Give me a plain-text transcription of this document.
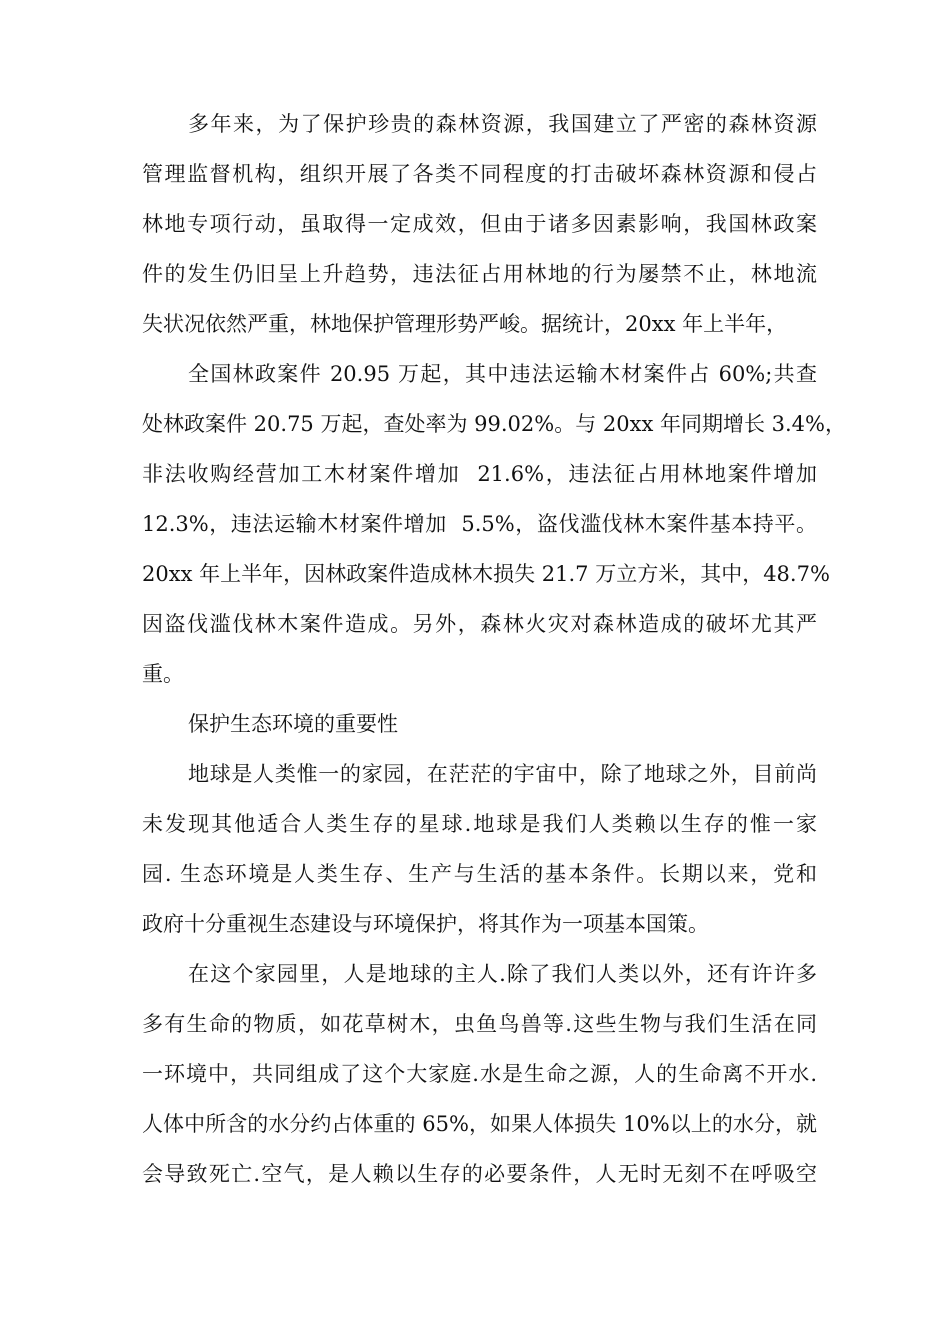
多年来，为了保护珍贵的森林资源，我国建立了严密的森林资源
管理监督机构，组织开展了各类不同程度的打击破坏森林资源和侵占
林地专项行动，虽取得一定成效，但由于诸多因素影响，我国林政案
件的发生仍旧呈上升趋势，违法征占用林地的行为屡禁不止，林地流
失状况依然严重，林地保护管理形势严峻。据统计，20xx 年上半年，
全国林政案件 20.95 万起，其中违法运输木材案件占 60%;共查
处林政案件 20.75 万起，查处率为 99.02%。与 20xx 年同期增长 3.4%，
非法收购经营加工木材案件增加  21.6%，违法征占用林地案件增加
12.3%，违法运输木材案件增加  5.5%，盗伐滥伐林木案件基本持平。
20xx 年上半年，因林政案件造成林木损失 21.7 万立方米，其中，48.7%
因盗伐滥伐林木案件造成。另外，森林火灾对森林造成的破坏尤其严
重。
保护生态环境的重要性
地球是人类惟一的家园，在茫茫的宇宙中，除了地球之外，目前尚
未发现其他适合人类生存的星球.地球是我们人类赖以生存的惟一家
园. 生态环境是人类生存、生产与生活的基本条件。长期以来，党和
政府十分重视生态建设与环境保护，将其作为一项基本国策。
在这个家园里，人是地球的主人.除了我们人类以外，还有许许多
多有生命的物质，如花草树木，虫鱼鸟兽等.这些生物与我们生活在同
一环境中，共同组成了这个大家庭.水是生命之源，人的生命离不开水.
人体中所含的水分约占体重的 65%，如果人体损失 10%以上的水分，就
会导致死亡.空气，是人赖以生存的必要条件，人无时无刻不在呼吸空
